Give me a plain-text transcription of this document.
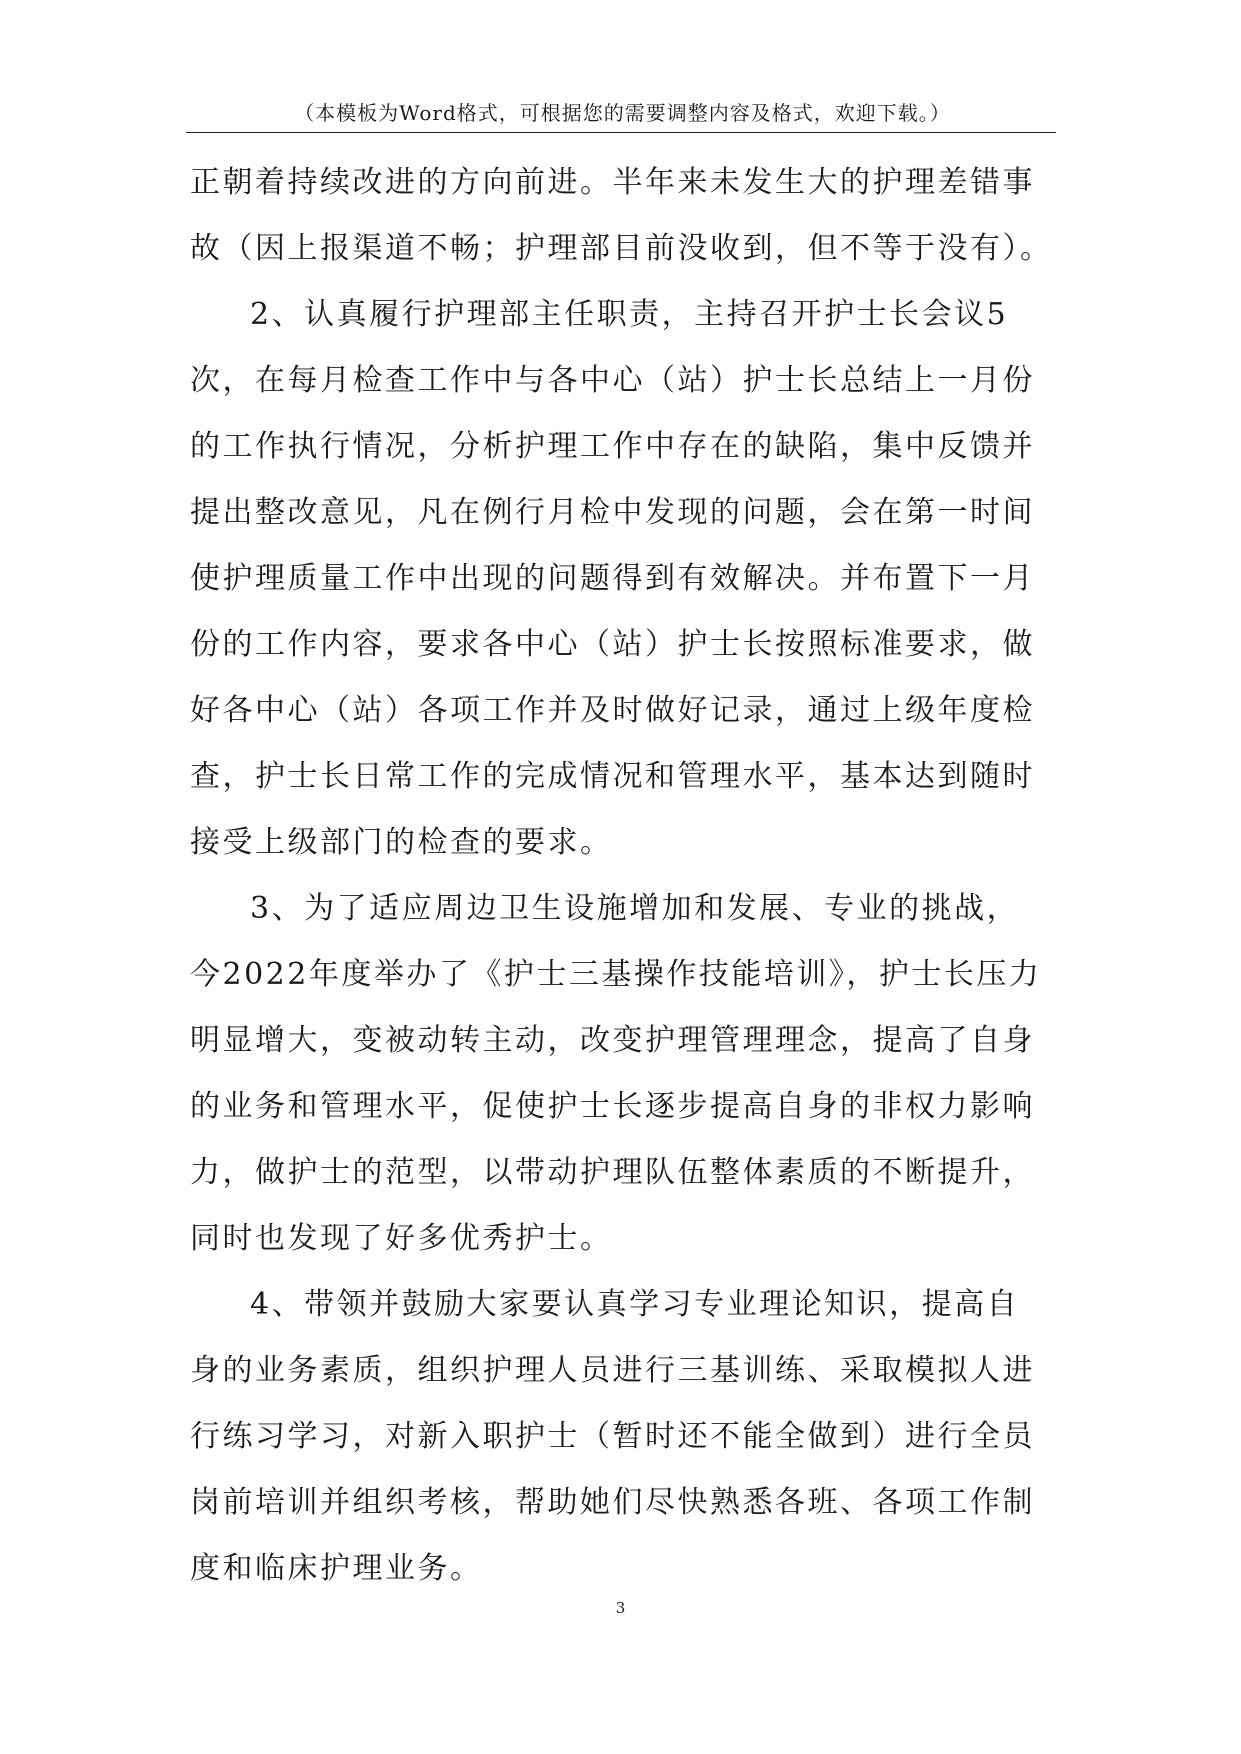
（本模板为Word格式，可根据您的需要调整内容及格式，欢迎下载。）
正朝着持续改进的方向前进。半年来未发生大的护理差错事
故（因上报渠道不畅；护理部目前没收到，但不等于没有）。
2、认真履行护理部主任职责，主持召开护士长会议5
次，在每月检查工作中与各中心（站）护士长总结上一月份
的工作执行情况，分析护理工作中存在的缺陷，集中反馈并
提出整改意见，凡在例行月检中发现的问题，会在第一时间
使护理质量工作中出现的问题得到有效解决。并布置下一月
份的工作内容，要求各中心（站）护士长按照标准要求，做
好各中心（站）各项工作并及时做好记录，通过上级年度检
查，护士长日常工作的完成情况和管理水平，基本达到随时
接受上级部门的检查的要求。
3、为了适应周边卫生设施增加和发展、专业的挑战，
今2022年度举办了《护士三基操作技能培训》，护士长压力
明显增大，变被动转主动，改变护理管理理念，提高了自身
的业务和管理水平，促使护士长逐步提高自身的非权力影响
力，做护士的范型，以带动护理队伍整体素质的不断提升，
同时也发现了好多优秀护士。
4、带领并鼓励大家要认真学习专业理论知识，提高自
身的业务素质，组织护理人员进行三基训练、采取模拟人进
行练习学习，对新入职护士（暂时还不能全做到）进行全员
岗前培训并组织考核，帮助她们尽快熟悉各班、各项工作制
度和临床护理业务。
3
